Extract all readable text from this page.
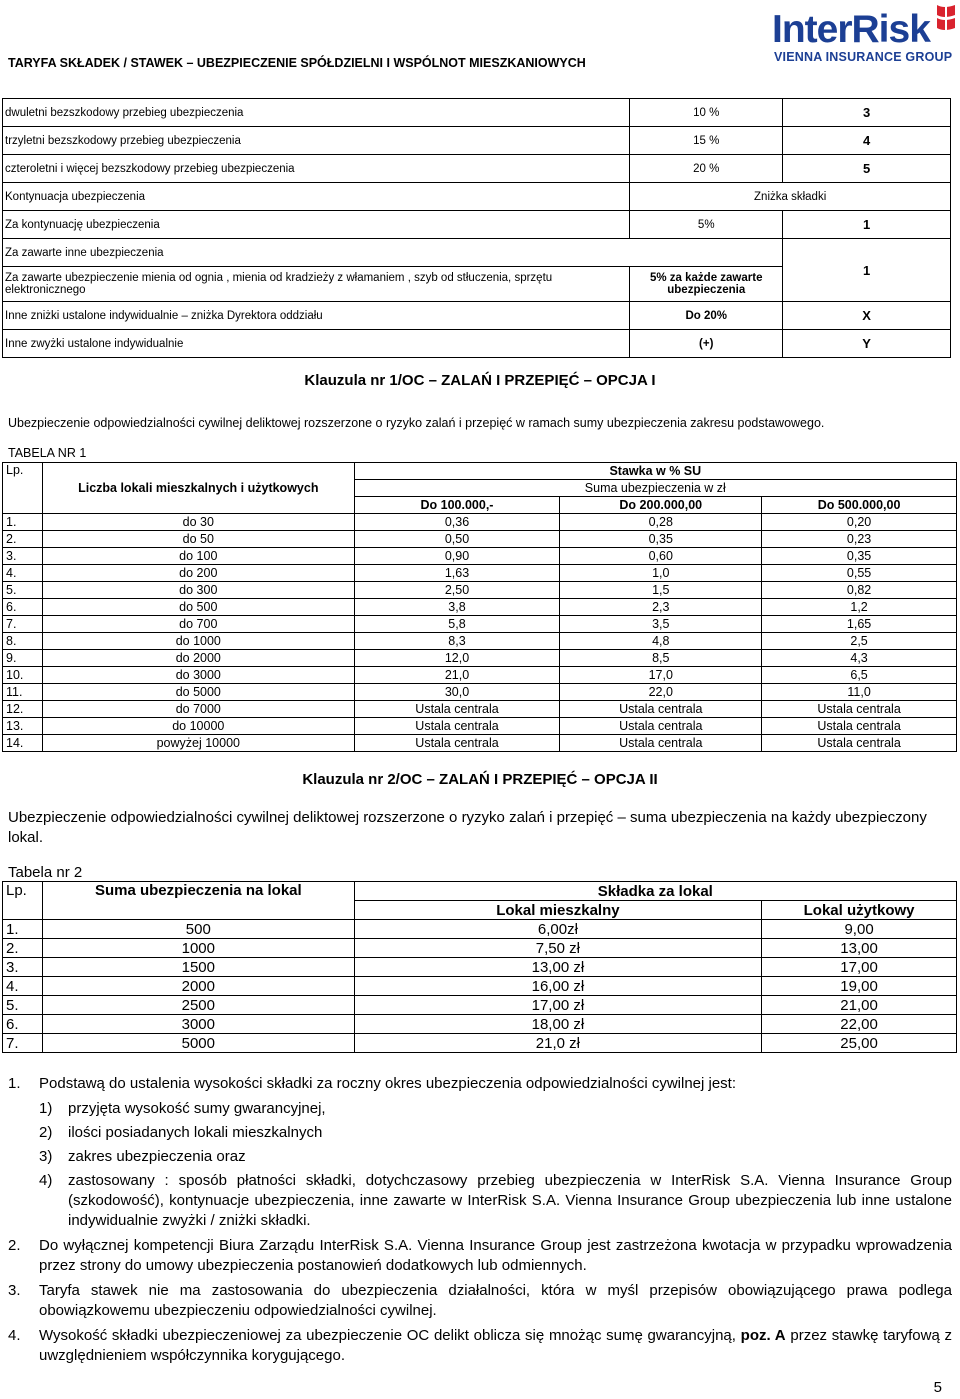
TARYFA SKŁADEK / STAWEK – UBEZPIECZENIE SPÓŁDZIELNI I WSPÓLNOT MIESZKANIOWYCH
InterRisk
VIENNA INSURANCE GROUP
dwuletni bezszkodowy przebieg ubezpieczenia	10 %	3
trzyletni bezszkodowy przebieg ubezpieczenia	15 %	4
czteroletni i więcej bezszkodowy przebieg ubezpieczenia	20 %	5
Kontynuacja ubezpieczenia	Zniżka składki	
Za kontynuację ubezpieczenia	5%	1
Za zawarte inne ubezpieczenia		1
Za zawarte ubezpieczenie mienia od ognia , mienia od kradzieży z włamaniem , szyb od stłuczenia, sprzętu elektronicznego	5% za każde zawarte ubezpieczenia	
Inne zniżki ustalone indywidualnie – zniżka Dyrektora oddziału	Do 20%	X
Inne zwyżki ustalone indywidualnie	(+)	Y
Klauzula nr 1/OC – ZALAŃ I PRZEPIĘĆ – OPCJA I
Ubezpieczenie odpowiedzialności cywilnej deliktowej rozszerzone o ryzyko zalań i przepięć w ramach sumy ubezpieczenia zakresu podstawowego.
TABELA NR 1
Lp.	Liczba lokali mieszkalnych i użytkowych	Stawka w % SU		
		Suma ubezpieczenia w zł		
		Do 100.000,-	Do 200.000,00	Do 500.000,00
1.	do 30	0,36	0,28	0,20
2.	do 50	0,50	0,35	0,23
3.	do 100	0,90	0,60	0,35
4.	do 200	1,63	1,0	0,55
5.	do 300	2,50	1,5	0,82
6.	do 500	3,8	2,3	1,2
7.	do 700	5,8	3,5	1,65
8.	do 1000	8,3	4,8	2,5
9.	do 2000	12,0	8,5	4,3
10.	do 3000	21,0	17,0	6,5
11.	do 5000	30,0	22,0	11,0
12.	do 7000	Ustala centrala	Ustala centrala	Ustala centrala
13.	do 10000	Ustala centrala	Ustala centrala	Ustala centrala
14.	powyżej 10000	Ustala centrala	Ustala centrala	Ustala centrala
Klauzula nr 2/OC – ZALAŃ I PRZEPIĘĆ – OPCJA II
Ubezpieczenie odpowiedzialności cywilnej deliktowej rozszerzone o ryzyko zalań i przepięć – suma ubezpieczenia na każdy ubezpieczony lokal.
Tabela nr 2
Lp.	Suma ubezpieczenia na lokal	Składka za lokal	
		Lokal mieszkalny	Lokal użytkowy
1.	500	6,00zł	9,00
2.	1000	7,50 zł	13,00
3.	1500	13,00 zł	17,00
4.	2000	16,00 zł	19,00
5.	2500	17,00 zł	21,00
6.	3000	18,00 zł	22,00
7.	5000	21,0 zł	25,00
1. Podstawą do ustalenia wysokości składki za roczny okres ubezpieczenia odpowiedzialności cywilnej jest:
1) przyjęta wysokość sumy gwarancyjnej,
2) ilości posiadanych lokali mieszkalnych
3) zakres ubezpieczenia oraz
4) zastosowany : sposób płatności składki, dotychczasowy przebieg ubezpieczenia w InterRisk S.A. Vienna Insurance Group (szkodowość), kontynuacje ubezpieczenia, inne zawarte w InterRisk S.A. Vienna Insurance Group ubezpieczenia lub inne ustalone indywidualnie zwyżki / zniżki składki.
2. Do wyłącznej kompetencji Biura Zarządu InterRisk S.A. Vienna Insurance Group jest zastrzeżona kwotacja w przypadku wprowadzenia przez strony do umowy ubezpieczenia postanowień dodatkowych lub odmiennych.
3. Taryfa stawek nie ma zastosowania do ubezpieczenia działalności, która w myśl przepisów obowiązującego prawa podlega obowiązkowemu ubezpieczeniu odpowiedzialności cywilnej.
4. Wysokość składki ubezpieczeniowej za ubezpieczenie OC delikt oblicza się mnożąc sumę gwarancyjną, poz. A przez stawkę taryfową z uwzględnieniem współczynnika korygującego.
5
